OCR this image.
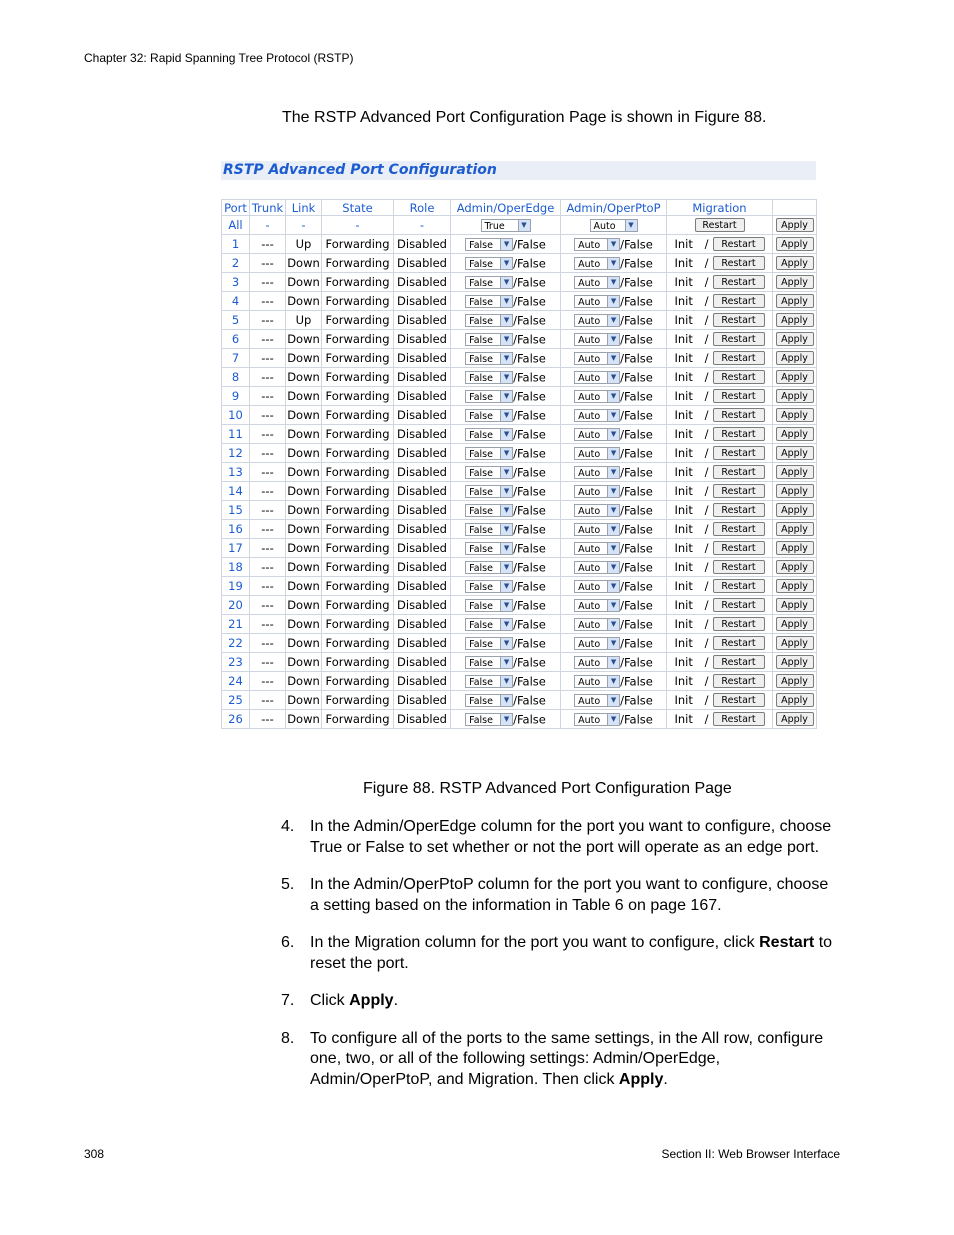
Chapter 32: Rapid Spanning Tree Protocol (RSTP)
The RSTP Advanced Port Configuration Page is shown in Figure 88.
RSTP Advanced Port Configuration
Port	Trunk	Link	State	Role	Admin/OperEdge	Admin/OperPtoP	Migration	
All	-	-	-	-	True ▼	Auto ▼	Restart	Apply
1	---	Up	Forwarding	Disabled	False ▼ /False	Auto ▼ /False	Init / Restart	Apply
2	---	Down	Forwarding	Disabled	False ▼ /False	Auto ▼ /False	Init / Restart	Apply
3	---	Down	Forwarding	Disabled	False ▼ /False	Auto ▼ /False	Init / Restart	Apply
4	---	Down	Forwarding	Disabled	False ▼ /False	Auto ▼ /False	Init / Restart	Apply
5	---	Up	Forwarding	Disabled	False ▼ /False	Auto ▼ /False	Init / Restart	Apply
6	---	Down	Forwarding	Disabled	False ▼ /False	Auto ▼ /False	Init / Restart	Apply
7	---	Down	Forwarding	Disabled	False ▼ /False	Auto ▼ /False	Init / Restart	Apply
8	---	Down	Forwarding	Disabled	False ▼ /False	Auto ▼ /False	Init / Restart	Apply
9	---	Down	Forwarding	Disabled	False ▼ /False	Auto ▼ /False	Init / Restart	Apply
10	---	Down	Forwarding	Disabled	False ▼ /False	Auto ▼ /False	Init / Restart	Apply
11	---	Down	Forwarding	Disabled	False ▼ /False	Auto ▼ /False	Init / Restart	Apply
12	---	Down	Forwarding	Disabled	False ▼ /False	Auto ▼ /False	Init / Restart	Apply
13	---	Down	Forwarding	Disabled	False ▼ /False	Auto ▼ /False	Init / Restart	Apply
14	---	Down	Forwarding	Disabled	False ▼ /False	Auto ▼ /False	Init / Restart	Apply
15	---	Down	Forwarding	Disabled	False ▼ /False	Auto ▼ /False	Init / Restart	Apply
16	---	Down	Forwarding	Disabled	False ▼ /False	Auto ▼ /False	Init / Restart	Apply
17	---	Down	Forwarding	Disabled	False ▼ /False	Auto ▼ /False	Init / Restart	Apply
18	---	Down	Forwarding	Disabled	False ▼ /False	Auto ▼ /False	Init / Restart	Apply
19	---	Down	Forwarding	Disabled	False ▼ /False	Auto ▼ /False	Init / Restart	Apply
20	---	Down	Forwarding	Disabled	False ▼ /False	Auto ▼ /False	Init / Restart	Apply
21	---	Down	Forwarding	Disabled	False ▼ /False	Auto ▼ /False	Init / Restart	Apply
22	---	Down	Forwarding	Disabled	False ▼ /False	Auto ▼ /False	Init / Restart	Apply
23	---	Down	Forwarding	Disabled	False ▼ /False	Auto ▼ /False	Init / Restart	Apply
24	---	Down	Forwarding	Disabled	False ▼ /False	Auto ▼ /False	Init / Restart	Apply
25	---	Down	Forwarding	Disabled	False ▼ /False	Auto ▼ /False	Init / Restart	Apply
26	---	Down	Forwarding	Disabled	False ▼ /False	Auto ▼ /False	Init / Restart	Apply
Figure 88. RSTP Advanced Port Configuration Page
4. In the Admin/OperEdge column for the port you want to configure, choose True or False to set whether or not the port will operate as an edge port.
5. In the Admin/OperPtoP column for the port you want to configure, choose a setting based on the information in Table 6 on page 167.
6. In the Migration column for the port you want to configure, click Restart to reset the port.
7. Click Apply.
8. To configure all of the ports to the same settings, in the All row, configure one, two, or all of the following settings: Admin/OperEdge, Admin/OperPtoP, and Migration. Then click Apply.
308	Section II: Web Browser Interface
